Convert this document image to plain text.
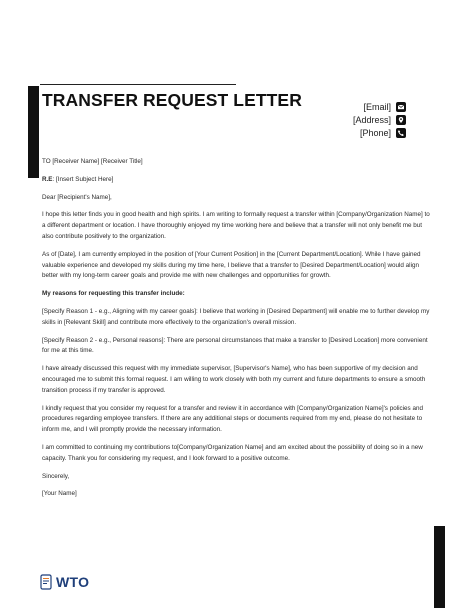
TRANSFER REQUEST LETTER	[Email]
[Address]
[Phone]

TO [Receiver Name] [Receiver Title]

R.E: [Insert Subject Here]

Dear [Recipient's Name],

I hope this letter finds you in good health and high spirits. I am writing to formally request a transfer within [Company/Organization Name] to a different department or location. I have thoroughly enjoyed my time working here and believe that a transfer will not only benefit me but also contribute positively to the organization.

As of [Date], I am currently employed in the position of [Your Current Position] in the [Current Department/Location]. While I have gained valuable experience and developed my skills during my time here, I believe that a transfer to [Desired Department/Location] would align better with my long-term career goals and provide me with new challenges and opportunities for growth.

My reasons for requesting this transfer include:

[Specify Reason 1 - e.g., Aligning with my career goals]: I believe that working in [Desired Department] will enable me to further develop my skills in [Relevant Skill] and contribute more effectively to the organization's overall mission.

[Specify Reason 2 - e.g., Personal reasons]: There are personal circumstances that make a transfer to [Desired Location] more convenient for me at this time.

I have already discussed this request with my immediate supervisor, [Supervisor's Name], who has been supportive of my decision and encouraged me to submit this formal request. I am willing to work closely with both my current and future departments to ensure a smooth transition process if my transfer is approved.

I kindly request that you consider my request for a transfer and review it in accordance with [Company/Organization Name]'s policies and procedures regarding employee transfers. If there are any additional steps or documents required from my end, please do not hesitate to inform me, and I will promptly provide the necessary information.

I am committed to continuing my contributions to[Company/Organization Name] and am excited about the possibility of doing so in a new capacity. Thank you for considering my request, and I look forward to a positive outcome.

Sincerely,

[Your Name]

WTO
